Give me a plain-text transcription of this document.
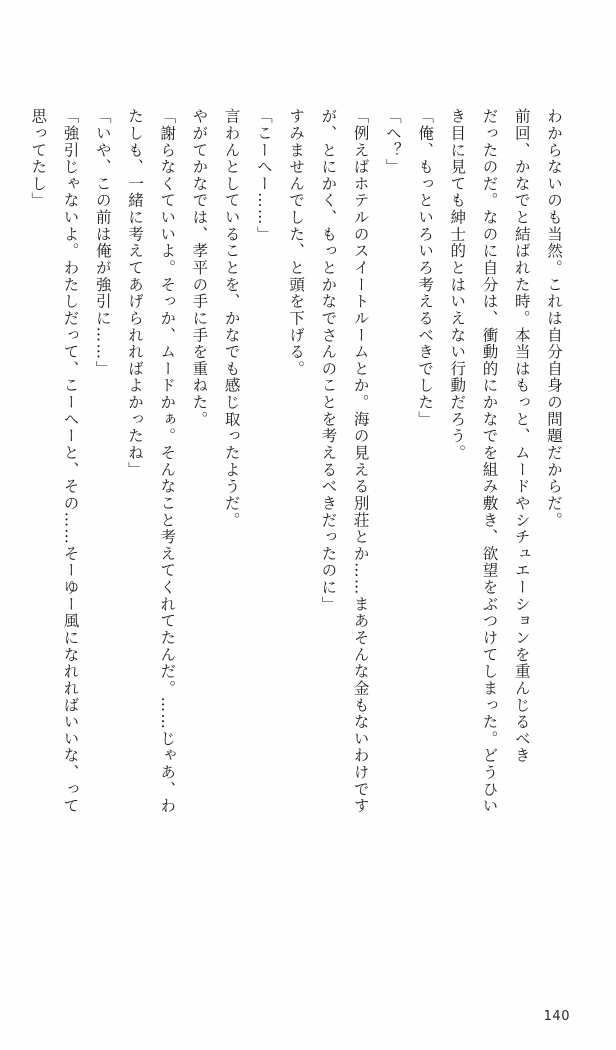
わからないのも当然。これは自分自身の問題だからだ。

前回、かなでと結ばれた時。本当はもっと、ムードやシチュエーションを重んじるべき

だったのだ。なのに自分は、衝動的にかなでを組み敷き、欲望をぶつけてしまった。どうひい

き目に見ても紳士的とはいえない行動だろう。

「俺、もっといろいろ考えるべきでした」

「へ？」

「例えばホテルのスイートルームとか。海の見える別荘とか……まあそんな金もないわけです

が、とにかく、もっとかなでさんのことを考えるべきだったのに」

すみませんでした、と頭を下げる。

「こーへー……」

言わんとしていることを、かなでも感じ取ったようだ。

やがてかなでは、孝平の手に手を重ねた。

「謝らなくていいよ。そっか、ムードかぁ。そんなこと考えてくれてたんだ。……じゃあ、わ

たしも、一緒に考えてあげられればよかったね」

「いや、この前は俺が強引に……」

「強引じゃないよ。わたしだって、こーへーと、その……そーゆー風になれればいいな、って

思ってたし」

140
